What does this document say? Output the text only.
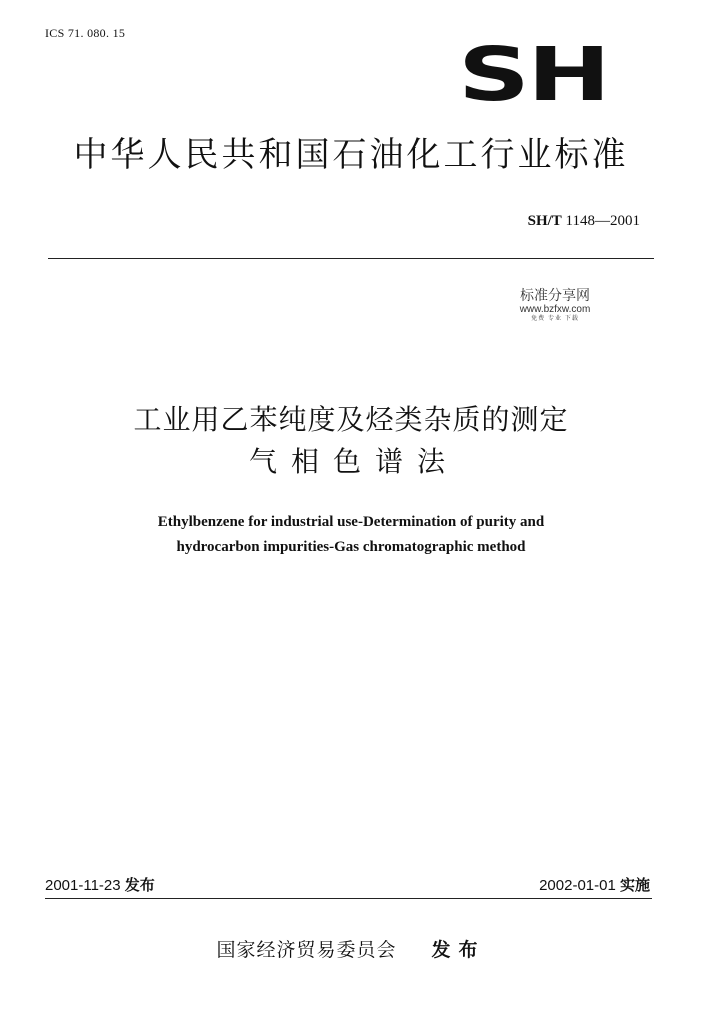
ICS 71. 080. 15	SH
中华人民共和国石油化工行业标准
SH/T 1148—2001
标准分享网
www.bzfxw.com
免费 专业 下载
工业用乙苯纯度及烃类杂质的测定
气相色谱法
Ethylbenzene for industrial use-Determination of purity and
hydrocarbon impurities-Gas chromatographic method
2001-11-23 发布	2002-01-01 实施
国家经济贸易委员会 发布
